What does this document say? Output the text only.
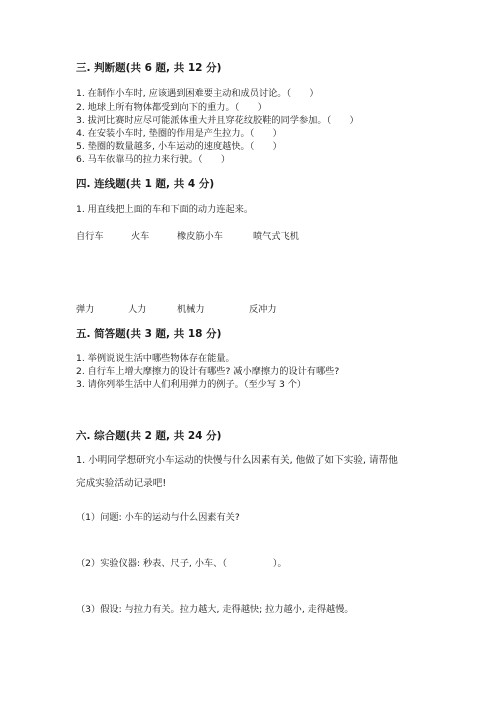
三. 判断题(共 6 题, 共 12 分)
1. 在制作小车时, 应该遇到困难要主动和成员讨论。（　　）
2. 地球上所有物体都受到向下的重力。（　　）
3. 拔河比赛时应尽可能派体重大并且穿花纹胶鞋的同学参加。（　　）
4. 在安装小车时, 垫圈的作用是产生拉力。（　　）
5. 垫圈的数量越多, 小车运动的速度越快。（　　）
6. 马车依靠马的拉力来行驶。（　　）
四. 连线题(共 1 题, 共 4 分)
1. 用直线把上面的车和下面的动力连起来。
自行车	火车	橡皮筋小车	喷气式飞机
弹力	人力	机械力	反冲力
五. 简答题(共 3 题, 共 18 分)
1. 举例说说生活中哪些物体存在能量。
2. 自行车上增大摩擦力的设计有哪些? 减小摩擦力的设计有哪些?
3. 请你列举生活中人们利用弹力的例子。（至少写 3 个）
六. 综合题(共 2 题, 共 24 分)
1. 小明同学想研究小车运动的快慢与什么因素有关, 他做了如下实验, 请帮他
完成实验活动记录吧!
（1）问题: 小车的运动与什么因素有关?
（2）实验仪器: 秒表、尺子, 小车、（　　　　　）。
（3）假设: 与拉力有关。拉力越大, 走得越快; 拉力越小, 走得越慢。
